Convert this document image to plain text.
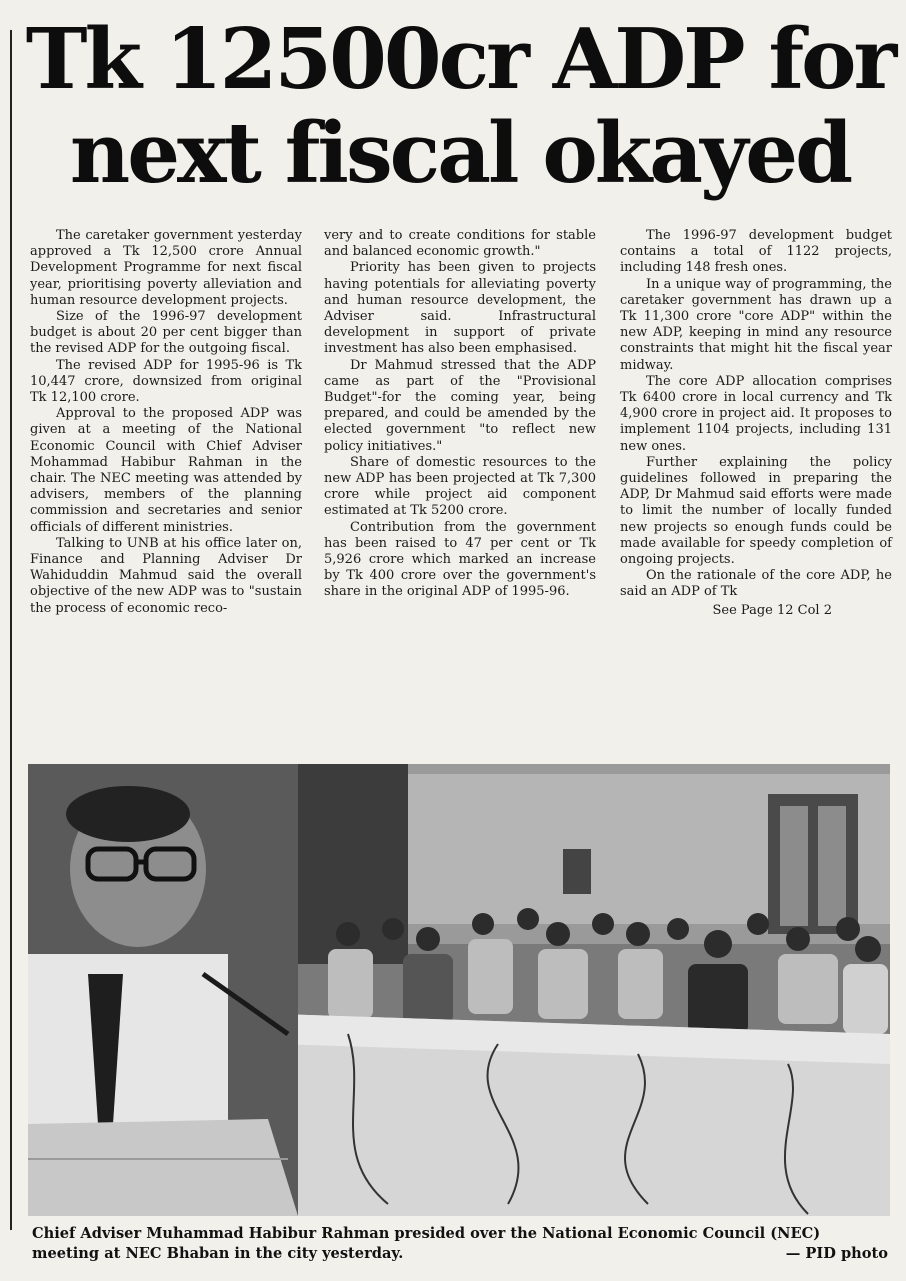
Tk 12500cr ADP for
next fiscal okayed

The caretaker government yesterday approved a Tk 12,500 crore Annual Development Programme for next fiscal year, prioritising poverty alleviation and human resource development projects.

Size of the 1996-97 development budget is about 20 per cent bigger than the revised ADP for the outgoing fiscal.

The revised ADP for 1995-96 is Tk 10,447 crore, downsized from original Tk 12,100 crore.

Approval to the proposed ADP was given at a meeting of the National Economic Council with Chief Adviser Mohammad Habibur Rahman in the chair. The NEC meeting was attended by advisers, members of the planning commission and secretaries and senior officials of different ministries.

Talking to UNB at his office later on, Finance and Planning Adviser Dr Wahiduddin Mahmud said the overall objective of the new ADP was to "sustain the process of economic reco-

very and to create conditions for stable and balanced economic growth."

Priority has been given to projects having potentials for alleviating poverty and human resource development, the Adviser said. Infrastructural development in support of private investment has also been emphasised.

Dr Mahmud stressed that the ADP came as part of the "Provisional Budget"-for the coming year, being prepared, and could be amended by the elected government "to reflect new policy initiatives."

Share of domestic resources to the new ADP has been projected at Tk 7,300 crore while project aid component estimated at Tk 5200 crore.

Contribution from the government has been raised to 47 per cent or Tk 5,926 crore which marked an increase by Tk 400 crore over the government's share in the original ADP of 1995-96.

The 1996-97 development budget contains a total of 1122 projects, including 148 fresh ones.

In a unique way of programming, the caretaker government has drawn up a Tk 11,300 crore "core ADP" within the new ADP, keeping in mind any resource constraints that might hit the fiscal year midway.

The core ADP allocation comprises Tk 6400 crore in local currency and Tk 4,900 crore in project aid. It proposes to implement 1104 projects, including 131 new ones.

Further explaining the policy guidelines followed in preparing the ADP, Dr Mahmud said efforts were made to limit the number of locally funded new projects so enough funds could be made available for speedy completion of ongoing projects.

On the rationale of the core ADP, he said an ADP of Tk

See Page 12 Col 2
Chief Adviser Muhammad Habibur Rahman presided over the National Economic Council (NEC) meeting at NEC Bhaban in the city yesterday.	— PID photo
